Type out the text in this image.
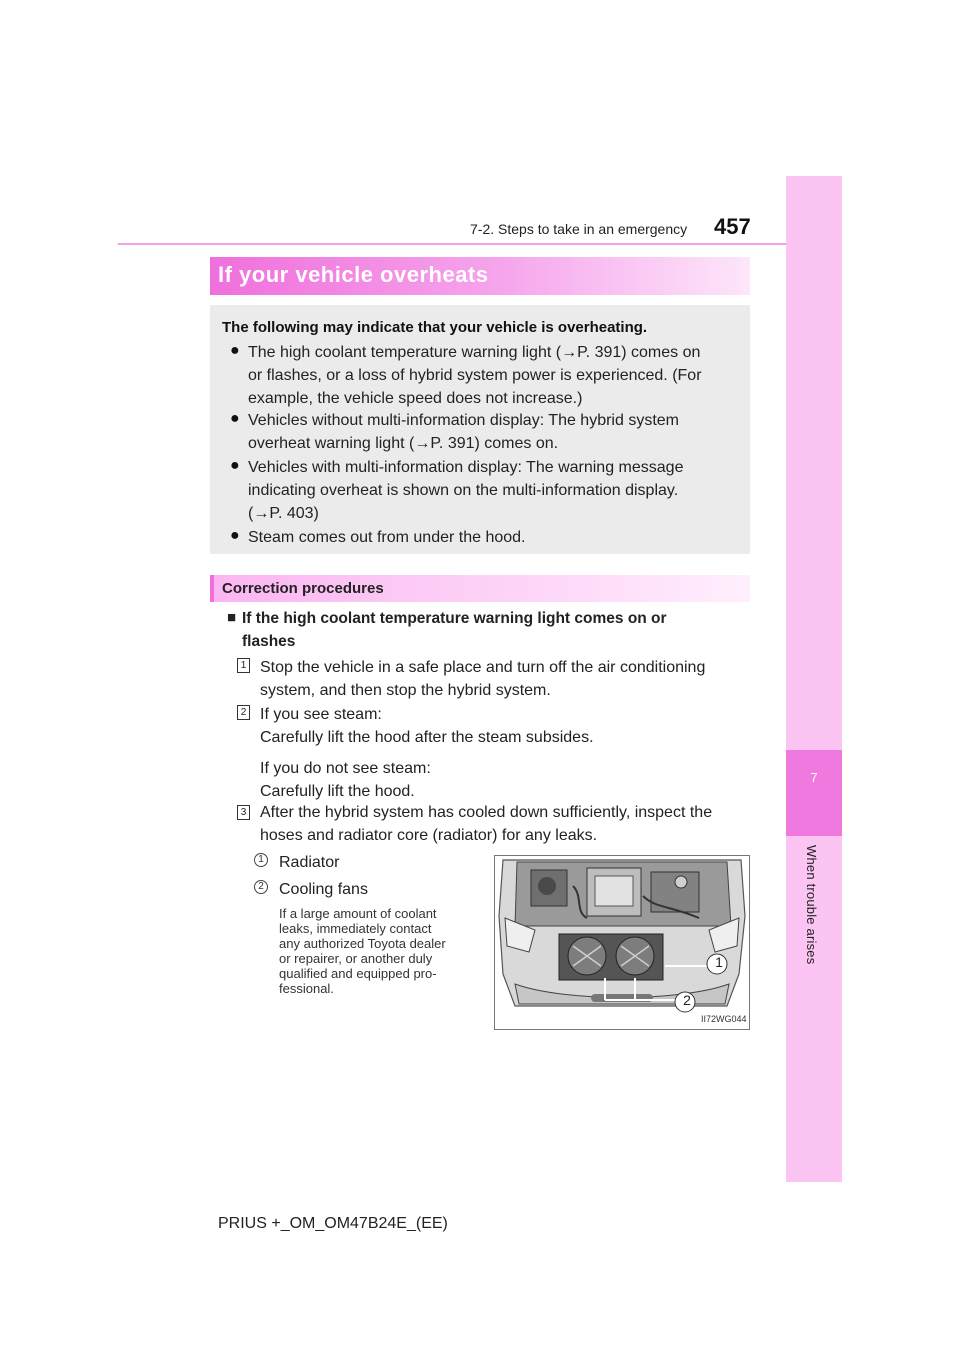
7-2. Steps to take in an emergency 457
7
When trouble arises
If your vehicle overheats
The following may indicate that your vehicle is overheating.
● The high coolant temperature warning light (→P. 391) comes on
or flashes, or a loss of hybrid system power is experienced. (For
example, the vehicle speed does not increase.)
● Vehicles without multi-information display: The hybrid system
overheat warning light (→P. 391) comes on.
● Vehicles with multi-information display: The warning message
indicating overheat is shown on the multi-information display.
(→P. 403)
● Steam comes out from under the hood.
Correction procedures
■ If the high coolant temperature warning light comes on or
flashes
1 Stop the vehicle in a safe place and turn off the air conditioning
system, and then stop the hybrid system.
2 If you see steam:
Carefully lift the hood after the steam subsides.
If you do not see steam:
Carefully lift the hood.
3 After the hybrid system has cooled down sufficiently, inspect the
hoses and radiator core (radiator) for any leaks.
1 Radiator
2 Cooling fans
If a large amount of coolant
leaks, immediately contact
any authorized Toyota dealer
or repairer, or another duly
qualified and equipped pro-
fessional.
1
2
II72WG044
PRIUS +_OM_OM47B24E_(EE)
